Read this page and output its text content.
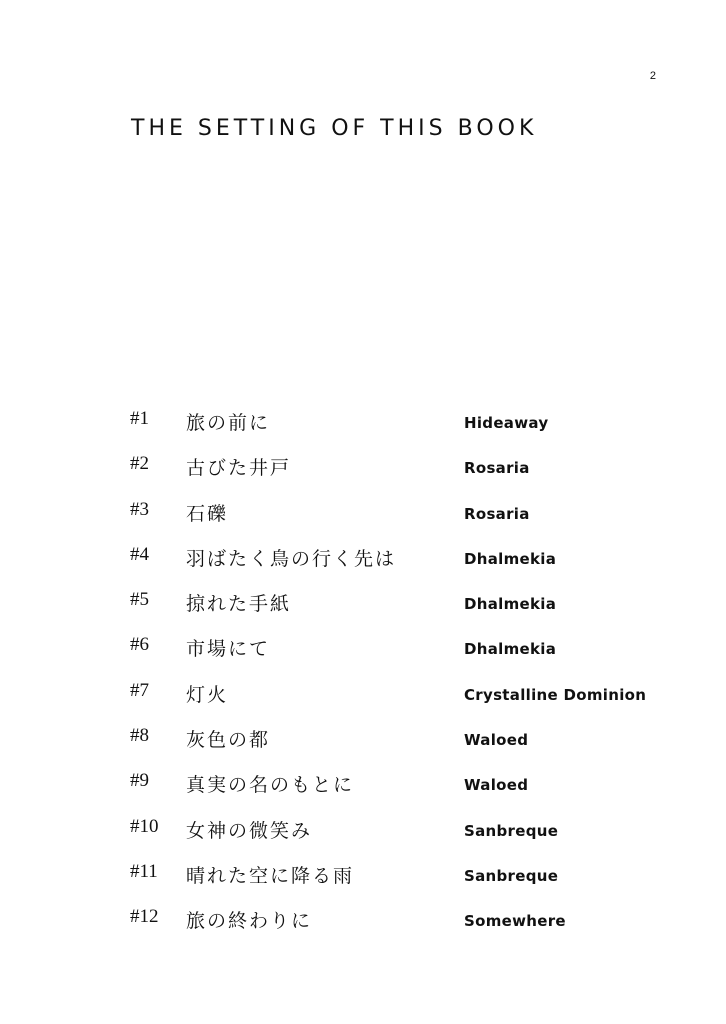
2
THE SETTING OF THIS BOOK
#1 旅の前に	Hideaway
#2 古びた井戸	Rosaria
#3 石礫	Rosaria
#4 羽ばたく鳥の行く先は	Dhalmekia
#5 掠れた手紙	Dhalmekia
#6 市場にて	Dhalmekia
#7 灯火	Crystalline Dominion
#8 灰色の都	Waloed
#9 真実の名のもとに	Waloed
#10 女神の微笑み	Sanbreque
#11 晴れた空に降る雨	Sanbreque
#12 旅の終わりに	Somewhere
